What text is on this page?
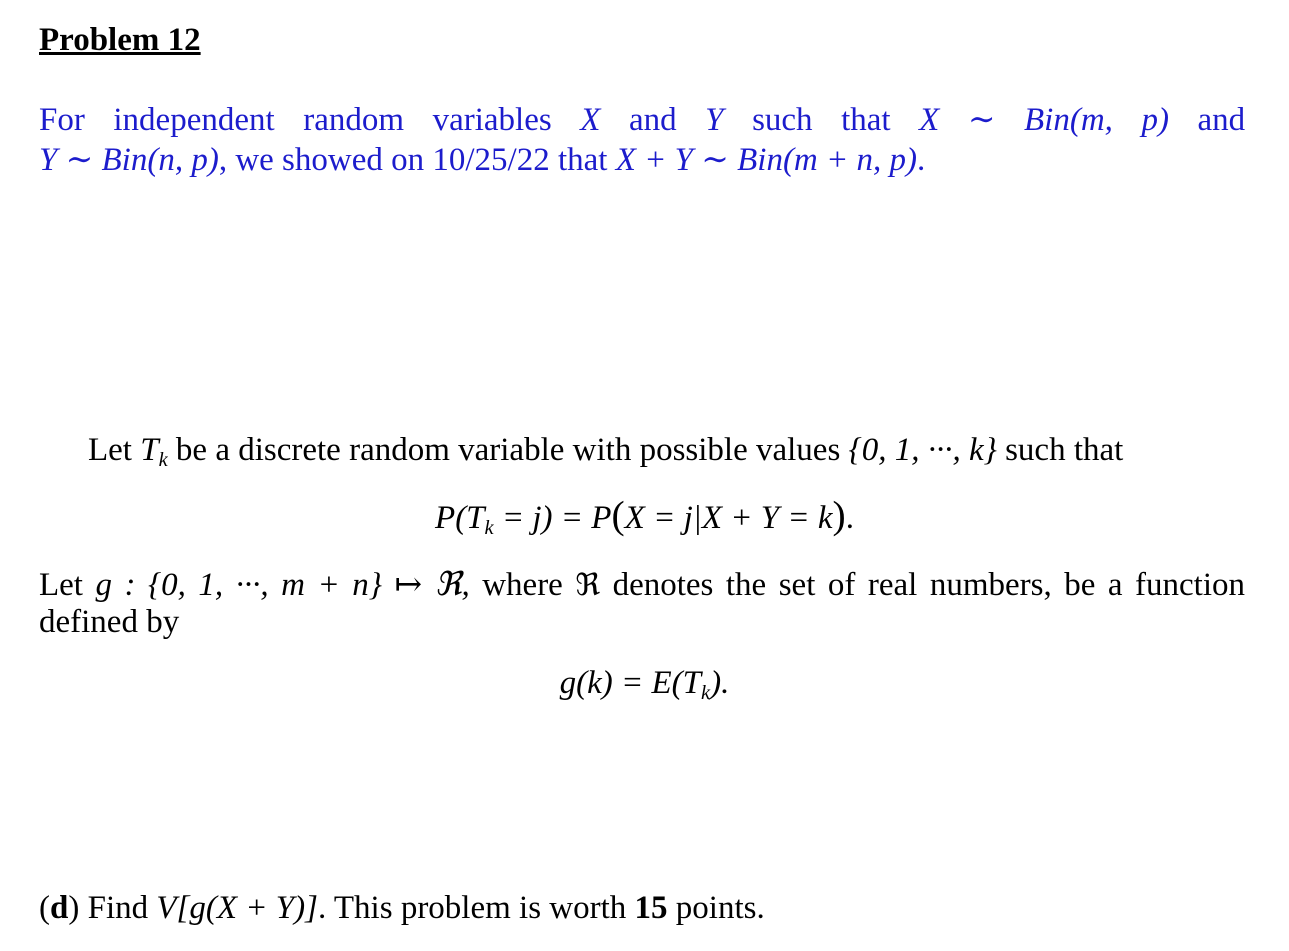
Problem 12
For independent random variables X and Y such that X ∼ Bin(m, p) and
Y ∼ Bin(n, p), we showed on 10/25/22 that X + Y ∼ Bin(m + n, p).
Let $T_k$ be a discrete random variable with possible values {0, 1, ···, k} such that
$P(T_k = j) = P(X = j|X + Y = k)$.
Let g : {0, 1, ···, m + n} ↦ ℜ, where ℜ denotes the set of real numbers, be a function
defined by
$g(k) = E(T_k)$.
(d) Find V[g(X + Y)]. This problem is worth 15 points.
